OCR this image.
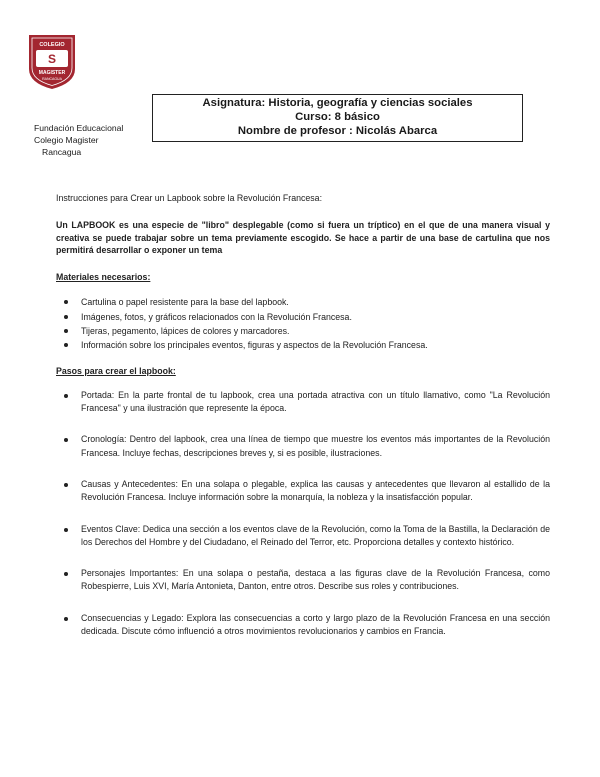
COLEGIO
S
MAGISTER
RANCAGUA
Fundación Educacional
Colegio Magister
Rancagua
Asignatura: Historia, geografía y ciencias sociales
Curso: 8 básico
Nombre de profesor : Nicolás Abarca

Instrucciones para Crear un Lapbook sobre la Revolución Francesa:

Un LAPBOOK es una especie de "libro" desplegable (como si fuera un tríptico) en el que de una manera visual y creativa se puede trabajar sobre un tema previamente escogido. Se hace a partir de una base de cartulina que nos permitirá desarrollar o exponer un tema

Materiales necesarios:

Cartulina o papel resistente para la base del lapbook.
Imágenes, fotos, y gráficos relacionados con la Revolución Francesa.
Tijeras, pegamento, lápices de colores y marcadores.
Información sobre los principales eventos, figuras y aspectos de la Revolución Francesa.

Pasos para crear el lapbook:

Portada: En la parte frontal de tu lapbook, crea una portada atractiva con un título llamativo, como "La Revolución Francesa" y una ilustración que represente la época.
Cronología: Dentro del lapbook, crea una línea de tiempo que muestre los eventos más importantes de la Revolución Francesa. Incluye fechas, descripciones breves y, si es posible, ilustraciones.
Causas y Antecedentes: En una solapa o plegable, explica las causas y antecedentes que llevaron al estallido de la Revolución Francesa. Incluye información sobre la monarquía, la nobleza y la insatisfacción popular.
Eventos Clave: Dedica una sección a los eventos clave de la Revolución, como la Toma de la Bastilla, la Declaración de los Derechos del Hombre y del Ciudadano, el Reinado del Terror, etc. Proporciona detalles y contexto histórico.
Personajes Importantes: En una solapa o pestaña, destaca a las figuras clave de la Revolución Francesa, como Robespierre, Luis XVI, María Antonieta, Danton, entre otros. Describe sus roles y contribuciones.
Consecuencias y Legado: Explora las consecuencias a corto y largo plazo de la Revolución Francesa en una sección dedicada. Discute cómo influenció a otros movimientos revolucionarios y cambios en Francia.
